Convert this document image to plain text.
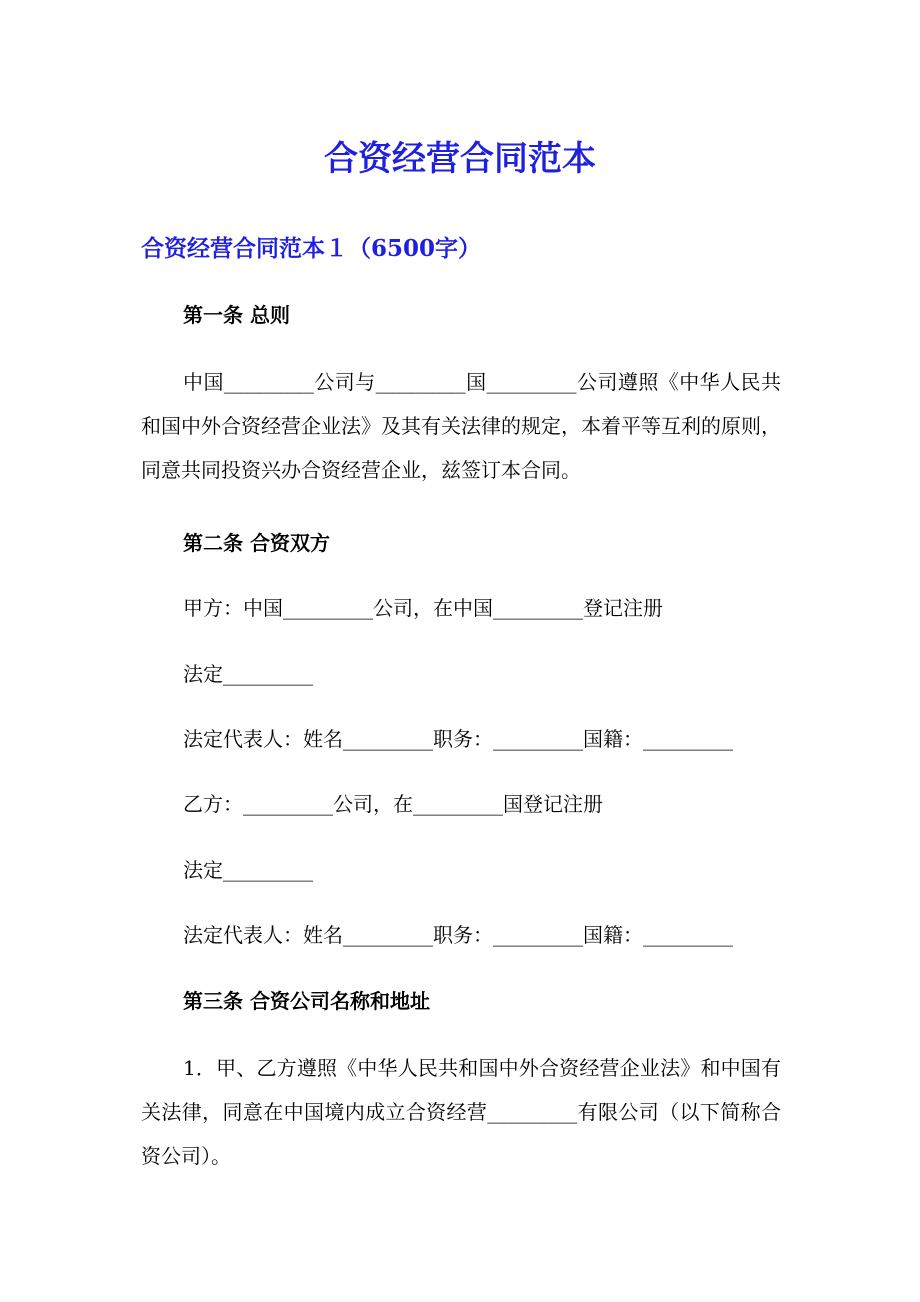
合资经营合同范本
合资经营合同范本１（6500字）
第一条 总则

中国_________公司与_________国_________公司遵照《中华人民共和国中外合资经营企业法》及其有关法律的规定，本着平等互利的原则，同意共同投资兴办合资经营企业，兹签订本合同。

第二条 合资双方

甲方：中国_________公司，在中国_________登记注册

法定_________

法定代表人：姓名_________职务：_________国籍：_________

乙方：_________公司，在_________国登记注册

法定_________

法定代表人：姓名_________职务：_________国籍：_________

第三条 合资公司名称和地址

1．甲、乙方遵照《中华人民共和国中外合资经营企业法》和中国有关法律，同意在中国境内成立合资经营_________有限公司（以下简称合资公司）。
